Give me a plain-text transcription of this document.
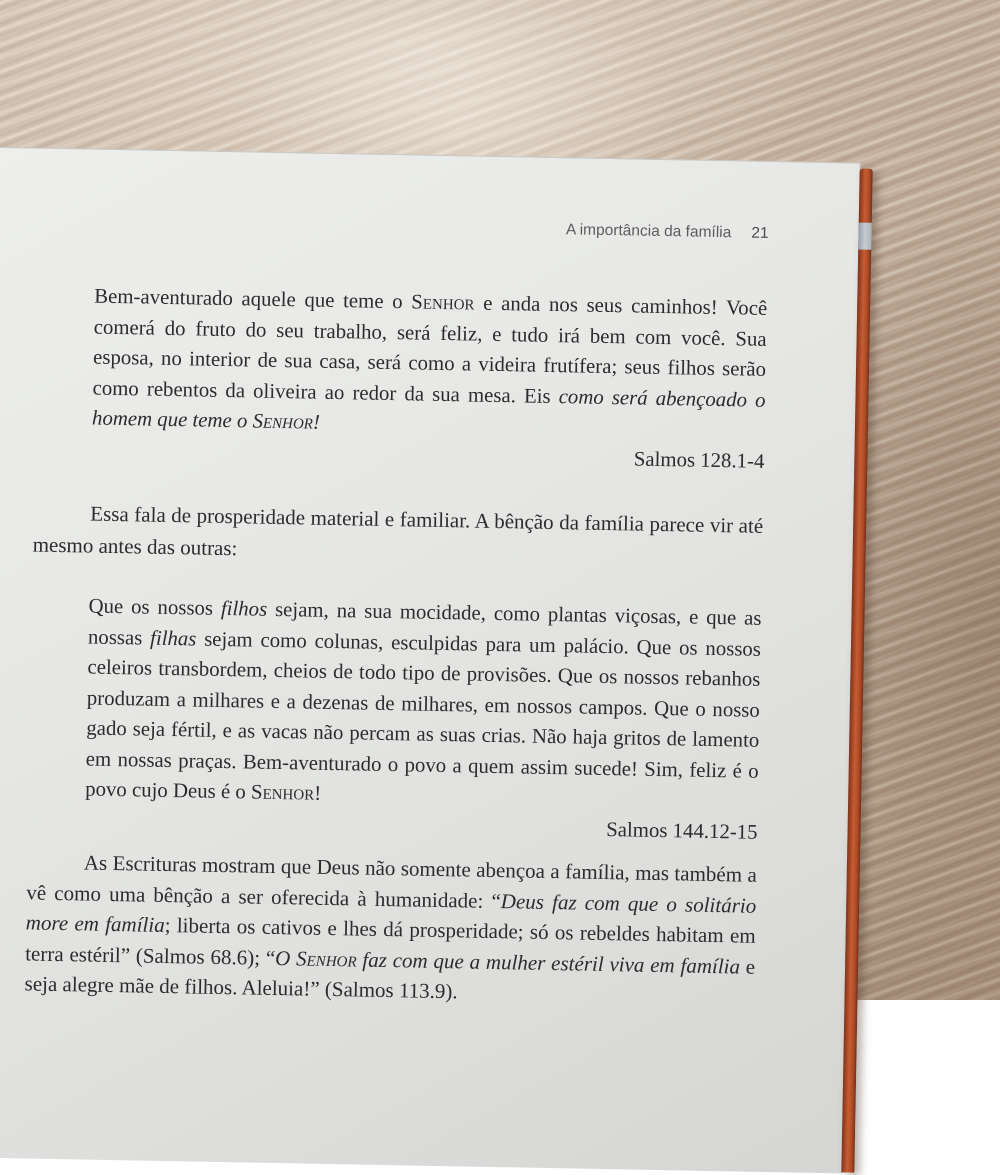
A importância da família 21

Bem-aventurado aquele que teme o Senhor e anda nos seus caminhos! Você comerá do fruto do seu trabalho, será feliz, e tudo irá bem com você. Sua esposa, no interior de sua casa, será como a videira frutífera; seus filhos serão como rebentos da oliveira ao redor da sua mesa. Eis como será abençoado o homem que teme o Senhor!

Salmos 128.1-4

Essa fala de prosperidade material e familiar. A bênção da família parece vir até mesmo antes das outras:

Que os nossos filhos sejam, na sua mocidade, como plantas viçosas, e que as nossas filhas sejam como colunas, esculpidas para um palácio. Que os nossos celeiros transbordem, cheios de todo tipo de provisões. Que os nossos rebanhos produzam a milhares e a dezenas de milhares, em nossos campos. Que o nosso gado seja fértil, e as vacas não percam as suas crias. Não haja gritos de lamento em nossas praças. Bem-aventurado o povo a quem assim sucede! Sim, feliz é o povo cujo Deus é o Senhor!

Salmos 144.12-15

As Escrituras mostram que Deus não somente abençoa a família, mas também a vê como uma bênção a ser oferecida à humanidade: “Deus faz com que o solitário more em família; liberta os cativos e lhes dá prosperidade; só os rebeldes habitam em terra estéril” (Salmos 68.6); “O Senhor faz com que a mulher estéril viva em família e seja alegre mãe de filhos. Aleluia!” (Salmos 113.9).
